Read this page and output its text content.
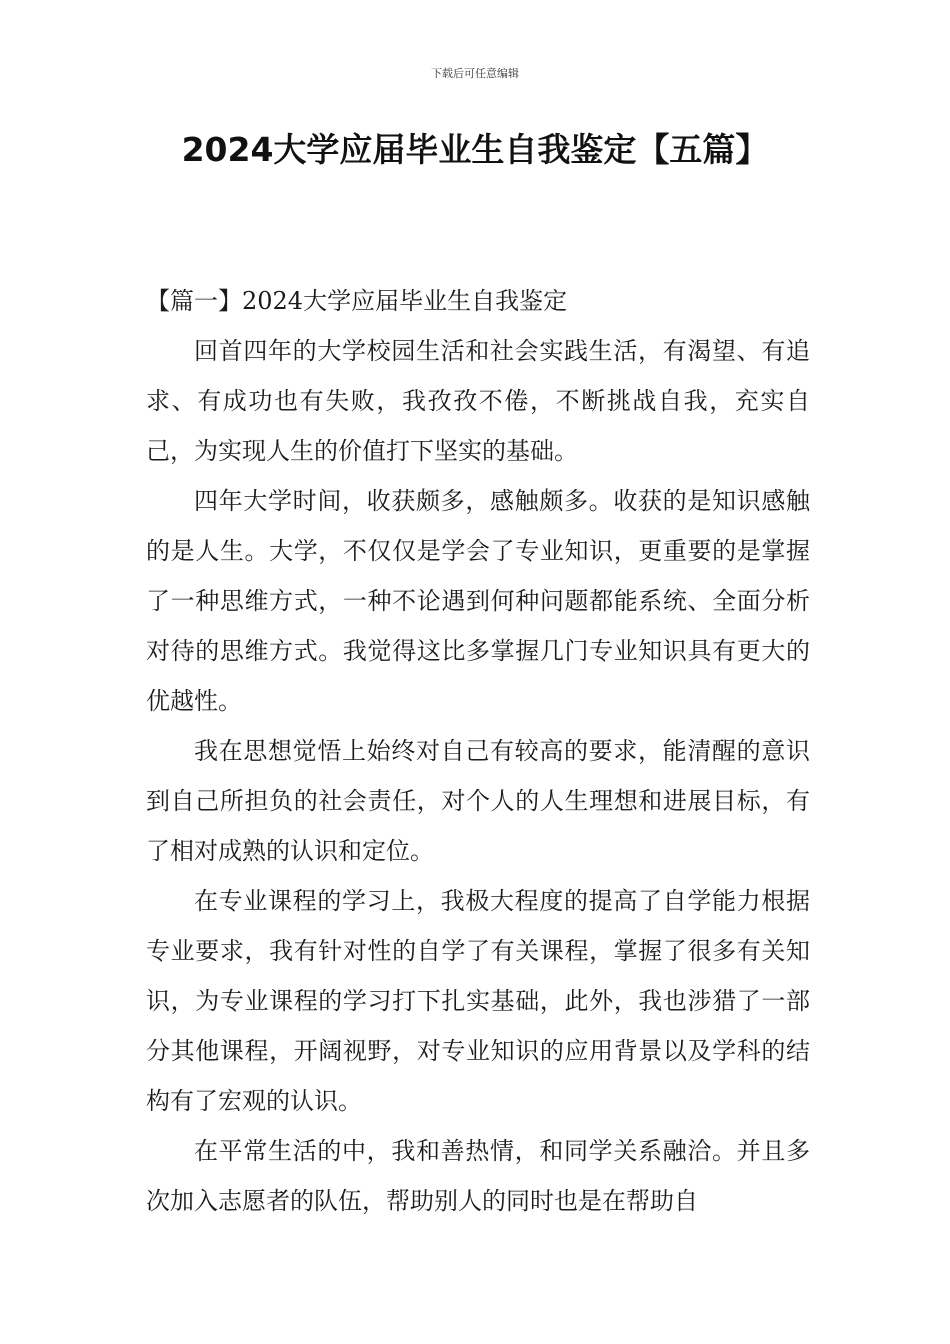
下载后可任意编辑
2024大学应届毕业生自我鉴定【五篇】

【篇一】2024大学应届毕业生自我鉴定

回首四年的大学校园生活和社会实践生活，有渴望、有追求、有成功也有失败，我孜孜不倦，不断挑战自我，充实自己，为实现人生的价值打下坚实的基础。

四年大学时间，收获颇多，感触颇多。收获的是知识感触的是人生。大学，不仅仅是学会了专业知识，更重要的是掌握了一种思维方式，一种不论遇到何种问题都能系统、全面分析对待的思维方式。我觉得这比多掌握几门专业知识具有更大的优越性。

我在思想觉悟上始终对自己有较高的要求，能清醒的意识到自己所担负的社会责任，对个人的人生理想和进展目标，有了相对成熟的认识和定位。

在专业课程的学习上，我极大程度的提高了自学能力根据专业要求，我有针对性的自学了有关课程，掌握了很多有关知识，为专业课程的学习打下扎实基础，此外，我也涉猎了一部分其他课程，开阔视野，对专业知识的应用背景以及学科的结构有了宏观的认识。

在平常生活的中，我和善热情，和同学关系融洽。并且多次加入志愿者的队伍，帮助别人的同时也是在帮助自
